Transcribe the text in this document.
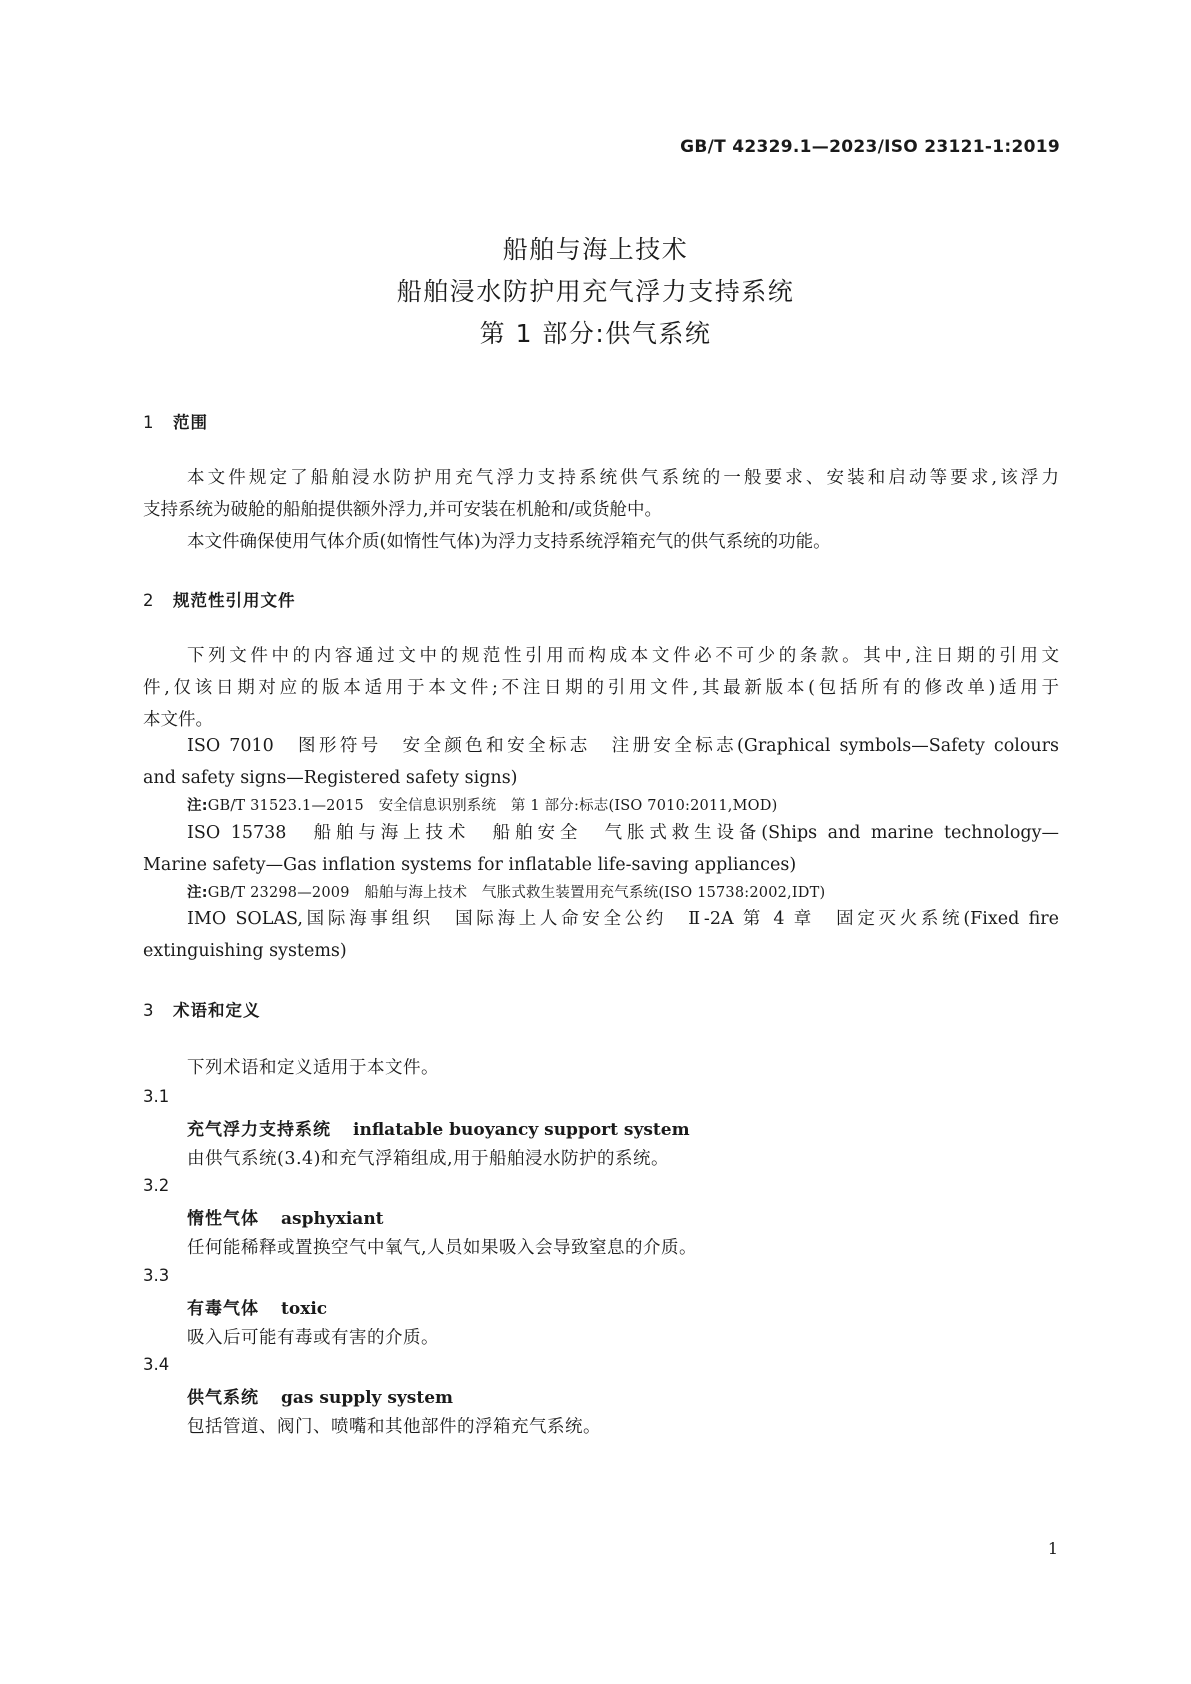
GB/T 42329.1—2023/ISO 23121-1:2019
船舶与海上技术
船舶浸水防护用充气浮力支持系统
第 1 部分:供气系统
1 范围
本文件规定了船舶浸水防护用充气浮力支持系统供气系统的一般要求、安装和启动等要求,该浮力
支持系统为破舱的船舶提供额外浮力,并可安装在机舱和/或货舱中。
本文件确保使用气体介质(如惰性气体)为浮力支持系统浮箱充气的供气系统的功能。
2 规范性引用文件
下列文件中的内容通过文中的规范性引用而构成本文件必不可少的条款。其中,注日期的引用文
件,仅该日期对应的版本适用于本文件;不注日期的引用文件,其最新版本(包括所有的修改单)适用于
本文件。
ISO 7010　图形符号　安全颜色和安全标志　注册安全标志(Graphical symbols—Safety colours
and safety signs—Registered safety signs)
注:GB/T 31523.1—2015　安全信息识别系统　第 1 部分:标志(ISO 7010:2011,MOD)
ISO 15738　船舶与海上技术　船舶安全　气胀式救生设备(Ships and marine technology—
Marine safety—Gas inflation systems for inflatable life-saving appliances)
注:GB/T 23298—2009　船舶与海上技术　气胀式救生装置用充气系统(ISO 15738:2002,IDT)
IMO SOLAS,国际海事组织　国际海上人命安全公约　Ⅱ-2A 第 4 章　固定灭火系统(Fixed fire
extinguishing systems)
3 术语和定义
下列术语和定义适用于本文件。
3.1
充气浮力支持系统 inflatable buoyancy support system
由供气系统(3.4)和充气浮箱组成,用于船舶浸水防护的系统。
3.2
惰性气体 asphyxiant
任何能稀释或置换空气中氧气,人员如果吸入会导致窒息的介质。
3.3
有毒气体 toxic
吸入后可能有毒或有害的介质。
3.4
供气系统 gas supply system
包括管道、阀门、喷嘴和其他部件的浮箱充气系统。
1
